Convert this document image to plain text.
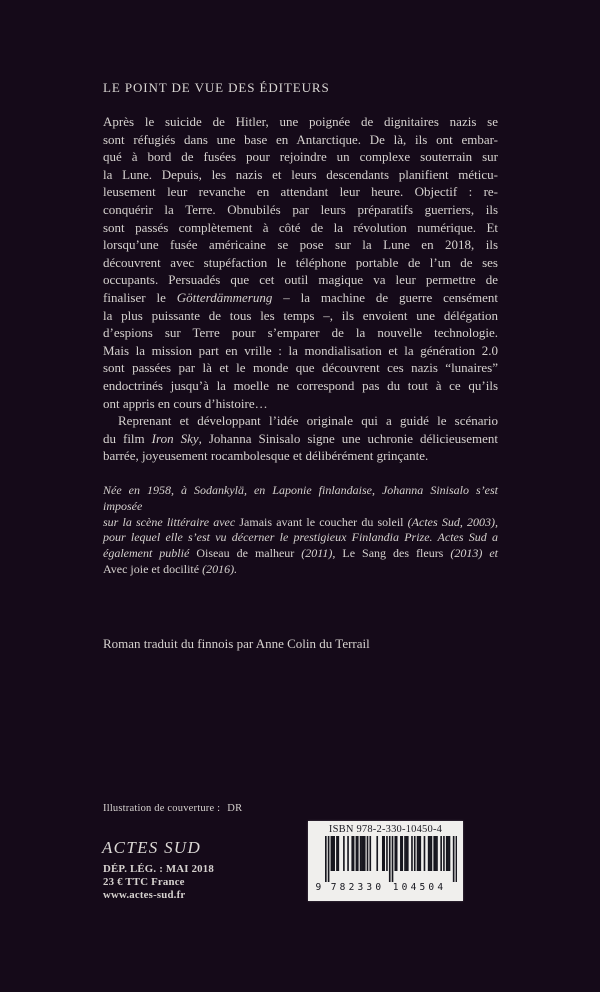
LE POINT DE VUE DES ÉDITEURS
Après le suicide de Hitler, une poignée de dignitaires nazis se
sont réfugiés dans une base en Antarctique. De là, ils ont embar-
qué à bord de fusées pour rejoindre un complexe souterrain sur
la Lune. Depuis, les nazis et leurs descendants planifient méticu-
leusement leur revanche en attendant leur heure. Objectif : re-
conquérir la Terre. Obnubilés par leurs préparatifs guerriers, ils
sont passés complètement à côté de la révolution numérique. Et
lorsqu’une fusée américaine se pose sur la Lune en 2018, ils
découvrent avec stupéfaction le téléphone portable de l’un de ses
occupants. Persuadés que cet outil magique va leur permettre de
finaliser le Götterdämmerung – la machine de guerre censément
la plus puissante de tous les temps –, ils envoient une délégation
d’espions sur Terre pour s’emparer de la nouvelle technologie.
Mais la mission part en vrille : la mondialisation et la génération 2.0
sont passées par là et le monde que découvrent ces nazis “lunaires”
endoctrinés jusqu’à la moelle ne correspond pas du tout à ce qu’ils
ont appris en cours d’histoire…
Reprenant et développant l’idée originale qui a guidé le scénario
du film Iron Sky, Johanna Sinisalo signe une uchronie délicieusement
barrée, joyeusement rocambolesque et délibérément grinçante.
Née en 1958, à Sodankylä, en Laponie finlandaise, Johanna Sinisalo s’est imposée
sur la scène littéraire avec Jamais avant le coucher du soleil (Actes Sud, 2003),
pour lequel elle s’est vu décerner le prestigieux Finlandia Prize. Actes Sud a
également publié Oiseau de malheur (2011), Le Sang des fleurs (2013) et
Avec joie et docilité (2016).
Roman traduit du finnois par Anne Colin du Terrail
Illustration de couverture : DR
ACTES SUD
DÉP. LÉG. : MAI 2018
23 € TTC France
www.actes-sud.fr
ISBN 978-2-330-10450-4
9	782330 104504
